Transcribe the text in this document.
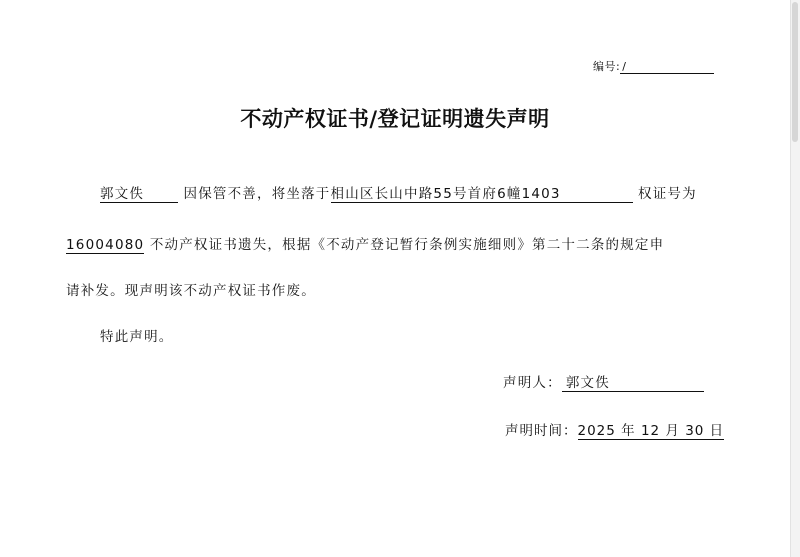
编号: /
不动产权证书/登记证明遗失声明
郭文佚	因保管不善，将坐落于相山区长山中路55号首府6幢1403	权证号为
16004080 不动产权证书遗失，根据《不动产登记暂行条例实施细则》第二十二条的规定申
请补发。现声明该不动产权证书作废。
特此声明。
声明人： 郭文佚
声明时间：2025 年 12 月 30 日
